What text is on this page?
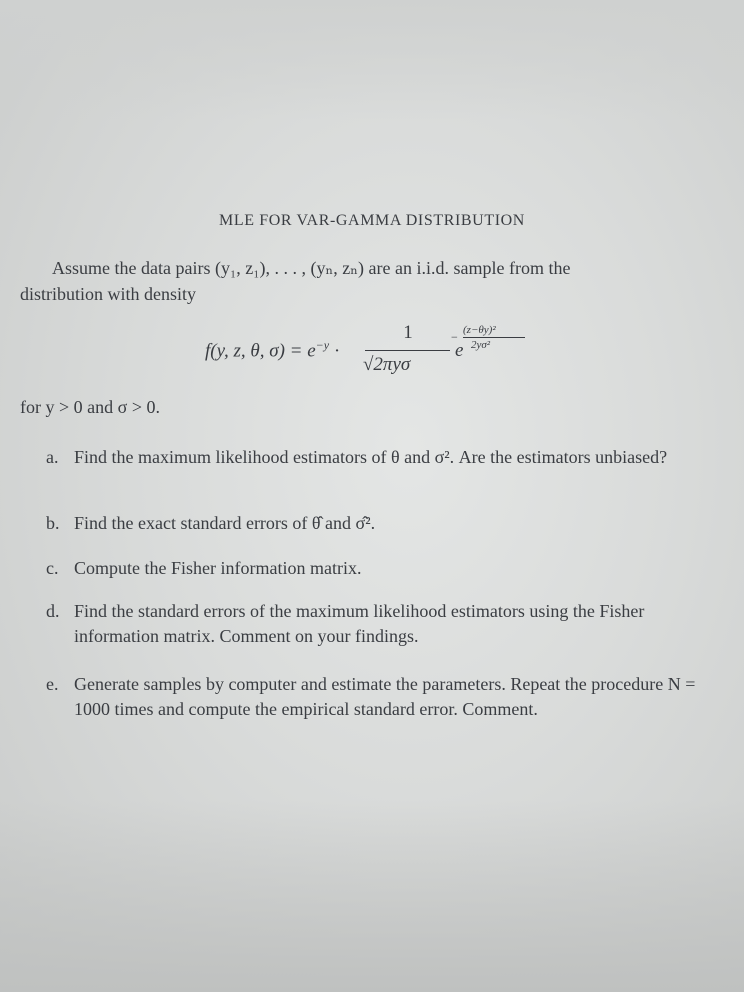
MLE FOR VAR-GAMMA DISTRIBUTION
Assume the data pairs (y₁, z₁), . . . , (yₙ, zₙ) are an i.i.d. sample from the
distribution with density
f(y, z, θ, $\sigma) = e^{-y}$ ·
1
√2πyσ
−
e
(z−θy)²
2yσ²
for y > 0 and σ > 0.
a. Find the maximum likelihood estimators of θ and σ². Are the estimators unbiased?
b. Find the exact standard errors of θ̂ and σ̂².
c. Compute the Fisher information matrix.
d. Find the standard errors of the maximum likelihood estimators using the Fisher information matrix. Comment on your findings.
e. Generate samples by computer and estimate the parameters. Repeat the procedure N = 1000 times and compute the empirical standard error. Comment.
